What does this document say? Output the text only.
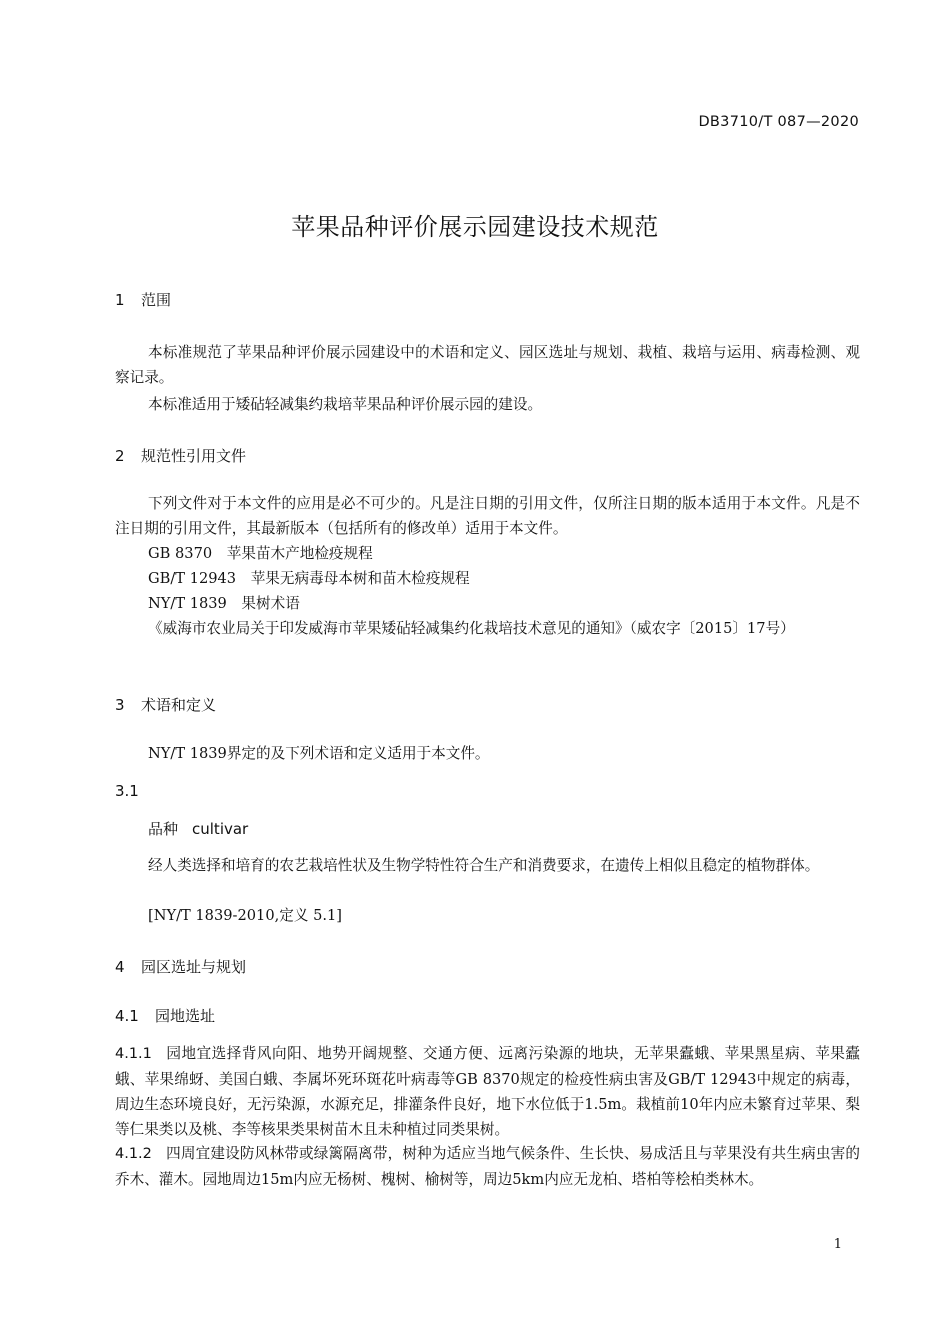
DB3710/T 087—2020
苹果品种评价展示园建设技术规范
1 范围
本标准规范了苹果品种评价展示园建设中的术语和定义、园区选址与规划、栽植、栽培与运用、病毒检测、观察记录。
本标准适用于矮砧轻减集约栽培苹果品种评价展示园的建设。
2 规范性引用文件
下列文件对于本文件的应用是必不可少的。凡是注日期的引用文件，仅所注日期的版本适用于本文件。凡是不注日期的引用文件，其最新版本（包括所有的修改单）适用于本文件。
GB 8370　苹果苗木产地检疫规程
GB/T 12943　苹果无病毒母本树和苗木检疫规程
NY/T 1839　果树术语
《威海市农业局关于印发威海市苹果矮砧轻减集约化栽培技术意见的通知》（威农字〔2015〕17号）
3 术语和定义
NY/T 1839界定的及下列术语和定义适用于本文件。
3.1
品种 cultivar
经人类选择和培育的农艺栽培性状及生物学特性符合生产和消费要求，在遗传上相似且稳定的植物群体。
[NY/T 1839-2010,定义 5.1]
4 园区选址与规划
4.1 园地选址
4.1.1 园地宜选择背风向阳、地势开阔规整、交通方便、远离污染源的地块，无苹果蠹蛾、苹果黑星病、苹果蠹蛾、苹果绵蚜、美国白蛾、李属坏死环斑花叶病毒等GB 8370规定的检疫性病虫害及GB/T 12943中规定的病毒，周边生态环境良好，无污染源，水源充足，排灌条件良好，地下水位低于1.5m。栽植前10年内应未繁育过苹果、梨等仁果类以及桃、李等核果类果树苗木且未种植过同类果树。
4.1.2 四周宜建设防风林带或绿篱隔离带，树种为适应当地气候条件、生长快、易成活且与苹果没有共生病虫害的乔木、灌木。园地周边15m内应无杨树、槐树、榆树等，周边5km内应无龙柏、塔柏等桧柏类林木。
1
